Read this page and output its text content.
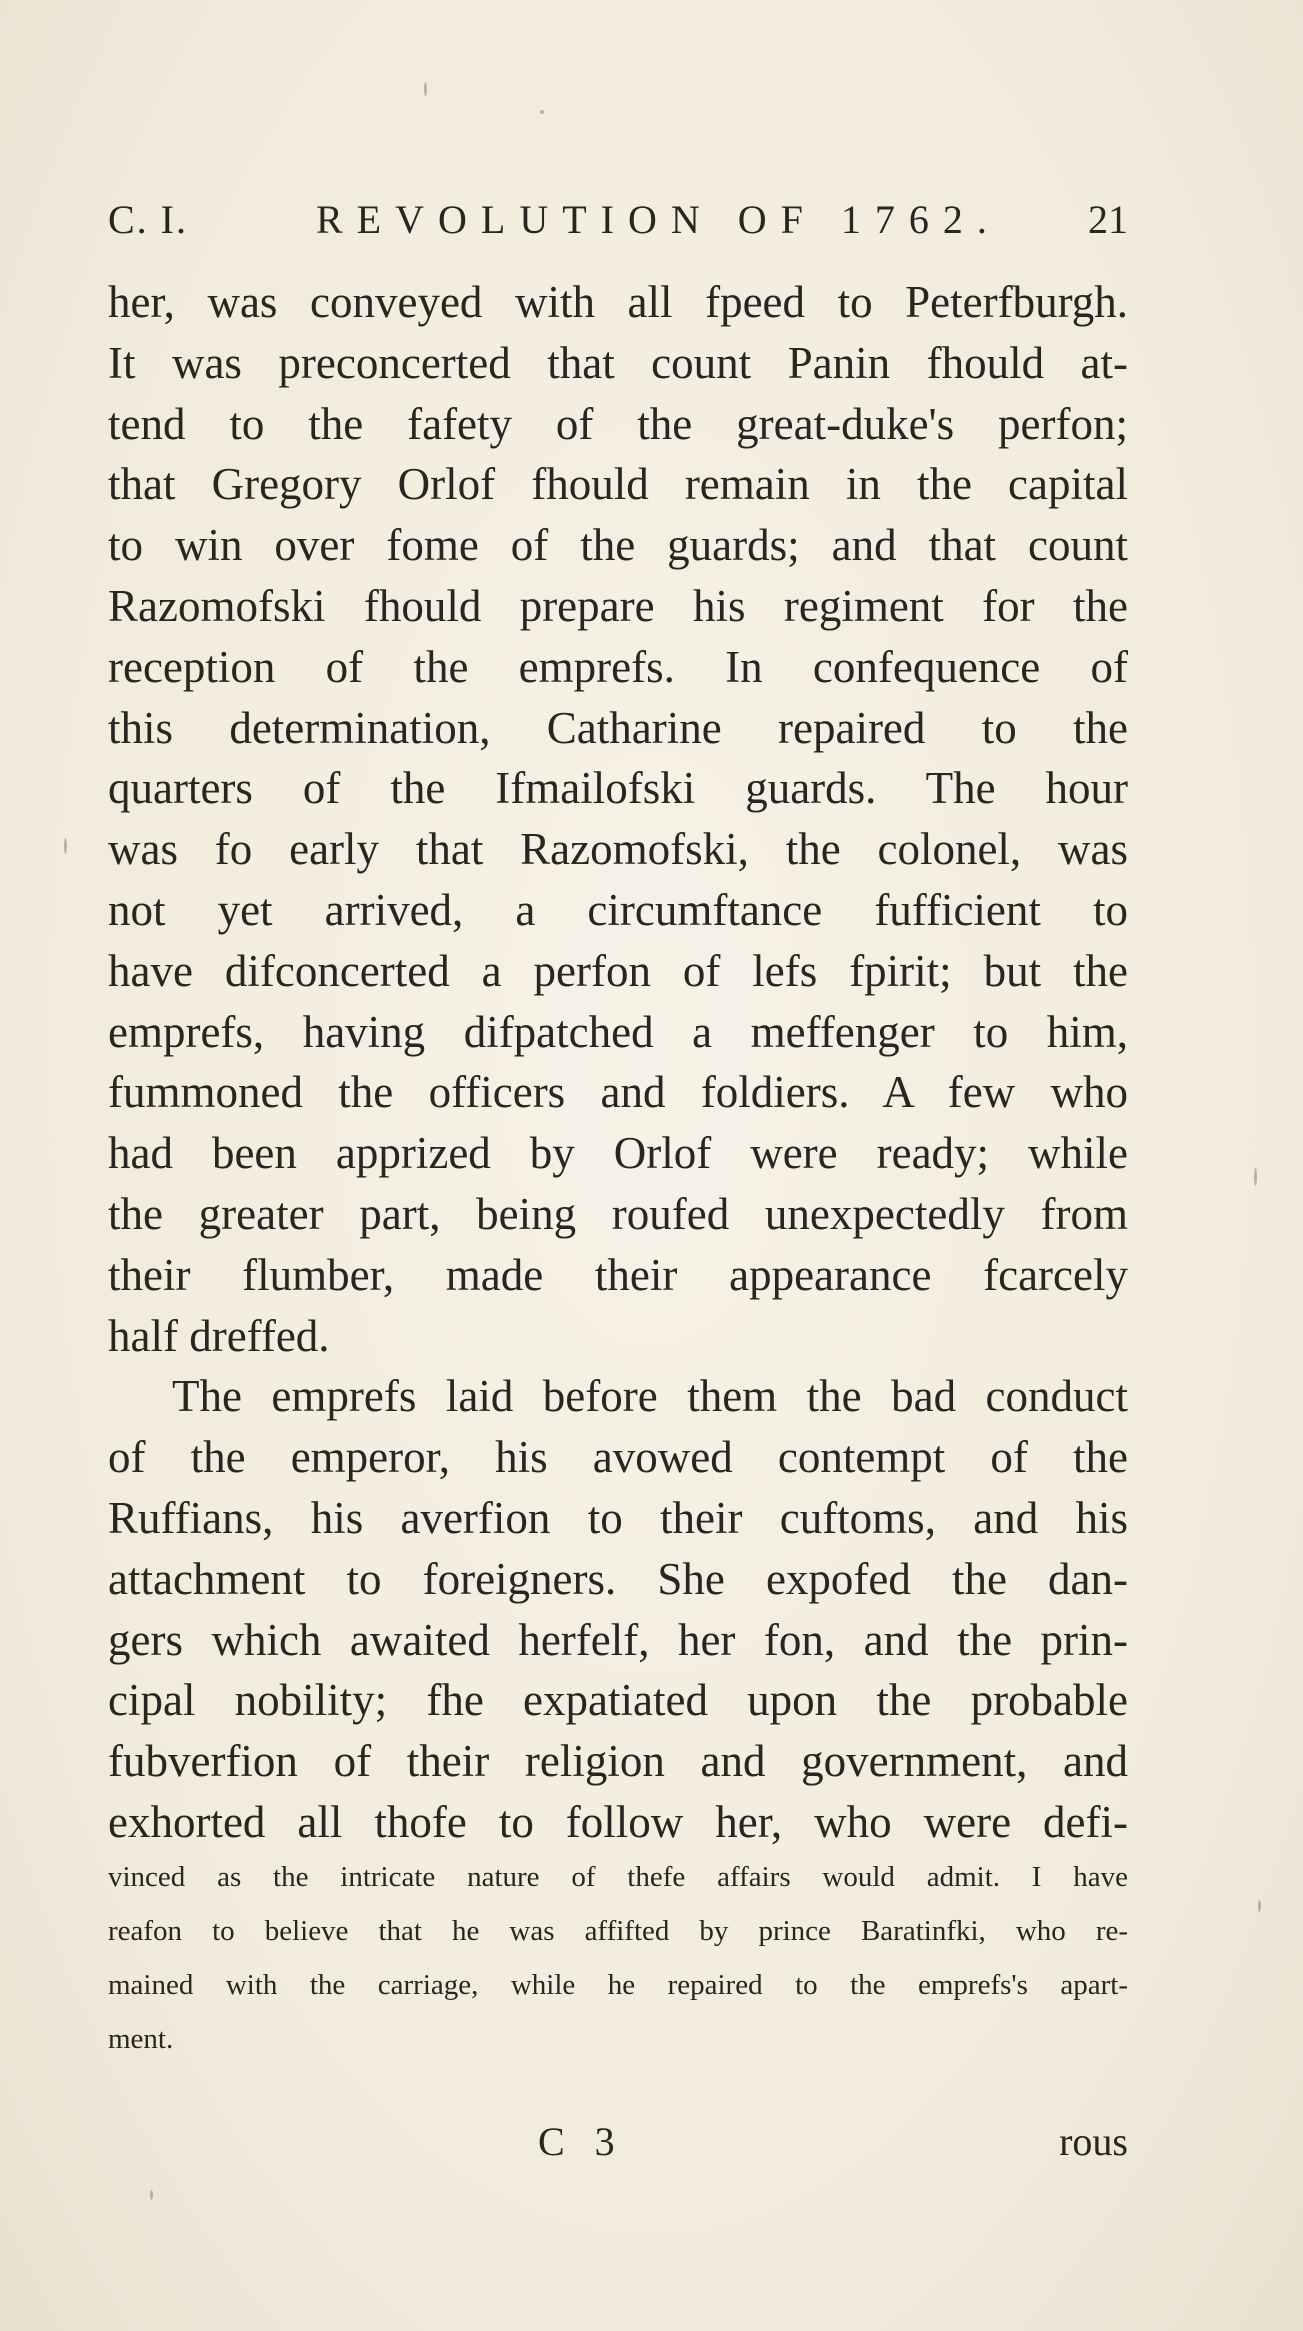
C. I.	REVOLUTION OF 1762. 21
her, was conveyed with all fpeed to Peterfburgh.
It was preconcerted that count Panin fhould at-
tend to the fafety of the great-duke's perfon;
that Gregory Orlof fhould remain in the capital
to win over fome of the guards; and that count
Razomofski fhould prepare his regiment for the
reception of the emprefs. In confequence of
this determination, Catharine repaired to the
quarters of the Ifmailofski guards. The hour
was fo early that Razomofski, the colonel, was
not yet arrived, a circumftance fufficient to
have difconcerted a perfon of lefs fpirit; but the
emprefs, having difpatched a meffenger to him,
fummoned the officers and foldiers. A few who
had been apprized by Orlof were ready; while
the greater part, being roufed unexpectedly from
their flumber, made their appearance fcarcely
half dreffed.
The emprefs laid before them the bad conduct
of the emperor, his avowed contempt of the
Ruffians, his averfion to their cuftoms, and his
attachment to foreigners. She expofed the dan-
gers which awaited herfelf, her fon, and the prin-
cipal nobility; fhe expatiated upon the probable
fubverfion of their religion and government, and
exhorted all thofe to follow her, who were defi-
vinced as the intricate nature of thefe affairs would admit. I have
reafon to believe that he was affifted by prince Baratinfki, who re-
mained with the carriage, while he repaired to the emprefs's apart-
ment.
C 3	rous
